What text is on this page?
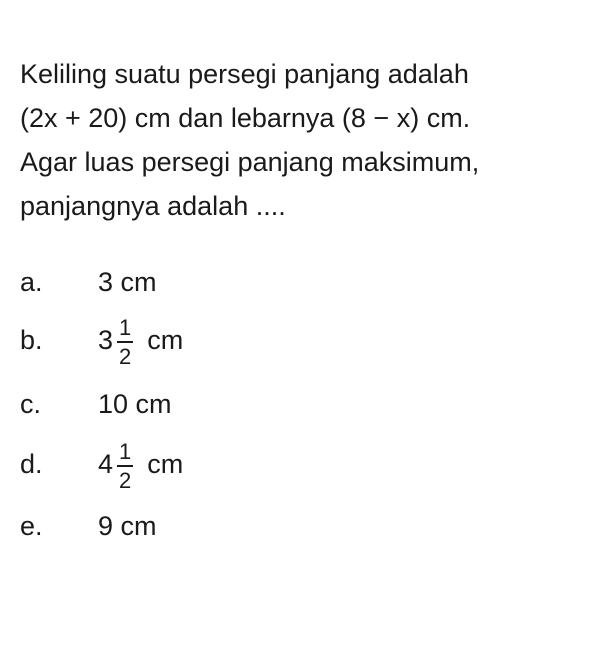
Keliling suatu persegi panjang adalah
(2x + 20) cm dan lebarnya (8 − x) cm.
Agar luas persegi panjang maksimum,
panjangnya adalah ....
a. 3 cm
b. $3 \frac{1}{2}$ cm
c. 10 cm
d. $4 \frac{1}{2}$ cm
e. 9 cm
